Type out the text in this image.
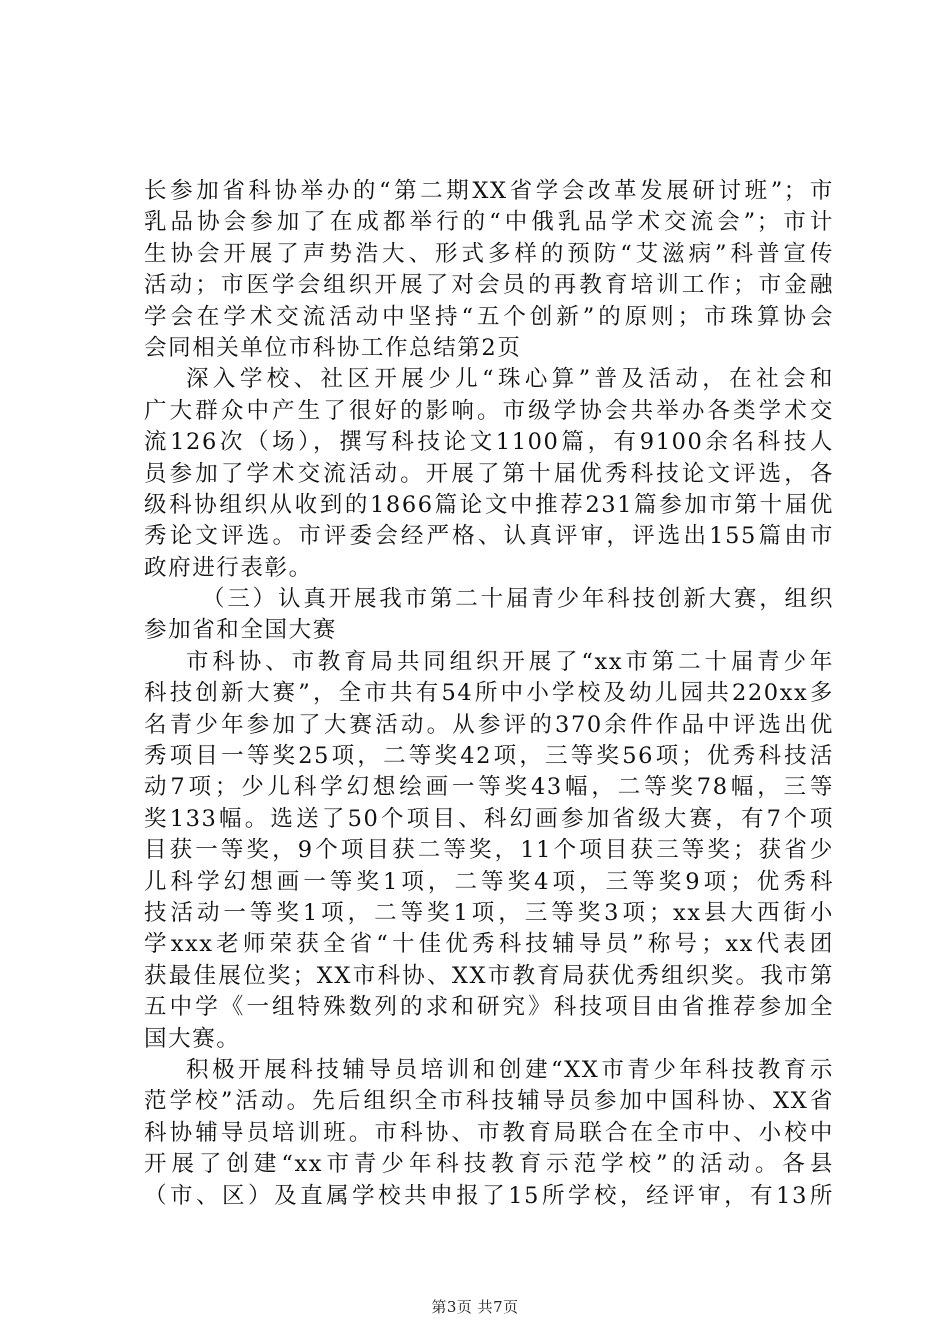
长参加省科协举办的“第二期XX省学会改革发展研讨班”；市
乳品协会参加了在成都举行的“中俄乳品学术交流会”；市计
生协会开展了声势浩大、形式多样的预防“艾滋病”科普宣传
活动；市医学会组织开展了对会员的再教育培训工作；市金融
学会在学术交流活动中坚持“五个创新”的原则；市珠算协会
会同相关单位市科协工作总结第2页
深入学校、社区开展少儿“珠心算”普及活动，在社会和
广大群众中产生了很好的影响。市级学协会共举办各类学术交
流126次（场），撰写科技论文1100篇，有9100余名科技人
员参加了学术交流活动。开展了第十届优秀科技论文评选，各
级科协组织从收到的1866篇论文中推荐231篇参加市第十届优
秀论文评选。市评委会经严格、认真评审，评选出155篇由市
政府进行表彰。
（三）认真开展我市第二十届青少年科技创新大赛，组织
参加省和全国大赛
市科协、市教育局共同组织开展了“xx市第二十届青少年
科技创新大赛”，全市共有54所中小学校及幼儿园共220xx多
名青少年参加了大赛活动。从参评的370余件作品中评选出优
秀项目一等奖25项，二等奖42项，三等奖56项；优秀科技活
动7项；少儿科学幻想绘画一等奖43幅，二等奖78幅，三等
奖133幅。选送了50个项目、科幻画参加省级大赛，有7个项
目获一等奖，9个项目获二等奖，11个项目获三等奖；获省少
儿科学幻想画一等奖1项，二等奖4项，三等奖9项；优秀科
技活动一等奖1项，二等奖1项，三等奖3项；xx县大西街小
学xxx老师荣获全省“十佳优秀科技辅导员”称号；xx代表团
获最佳展位奖；XX市科协、XX市教育局获优秀组织奖。我市第
五中学《一组特殊数列的求和研究》科技项目由省推荐参加全
国大赛。
积极开展科技辅导员培训和创建“XX市青少年科技教育示
范学校”活动。先后组织全市科技辅导员参加中国科协、XX省
科协辅导员培训班。市科协、市教育局联合在全市中、小校中
开展了创建“xx市青少年科技教育示范学校”的活动。各县
（市、区）及直属学校共申报了15所学校，经评审，有13所
第3页 共7页
